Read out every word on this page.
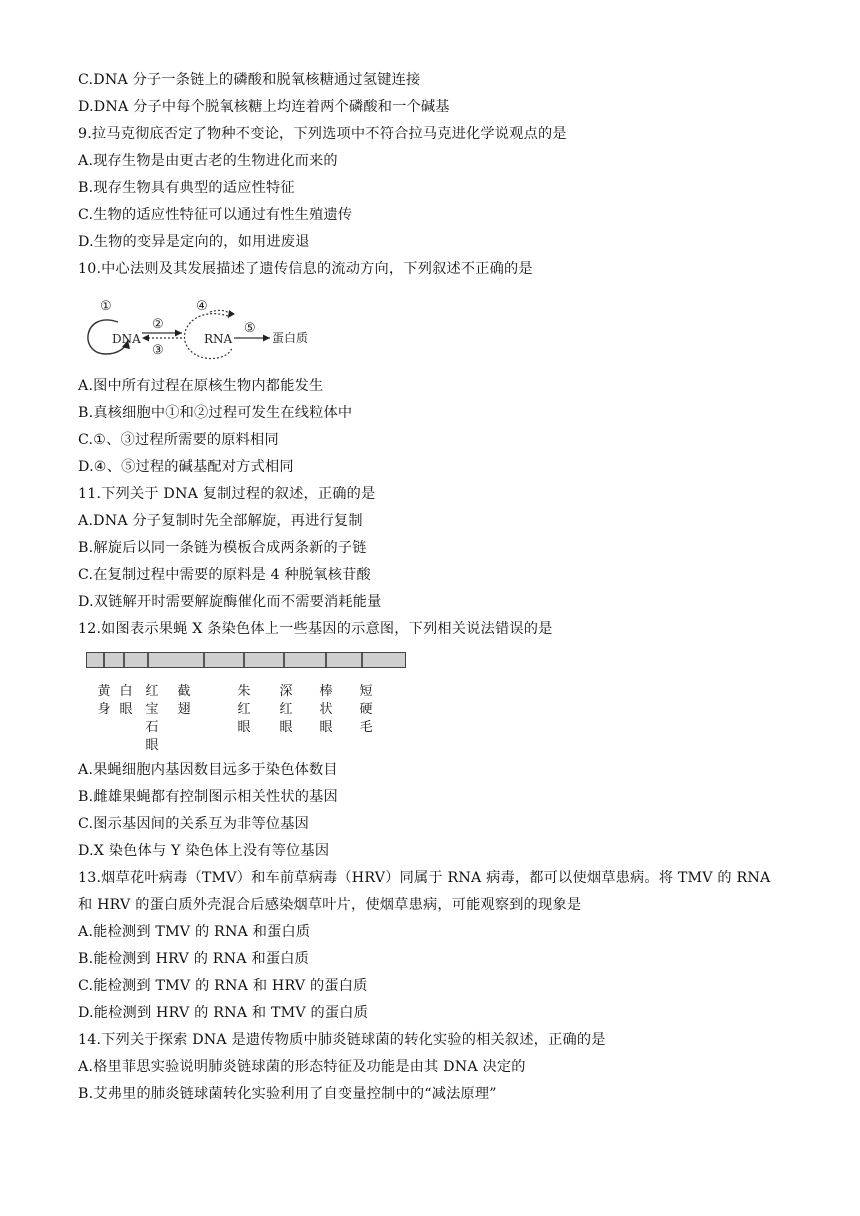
C.DNA 分子一条链上的磷酸和脱氧核糖通过氢键连接
D.DNA 分子中每个脱氧核糖上均连着两个磷酸和一个碱基
9.拉马克彻底否定了物种不变论，下列选项中不符合拉马克进化学说观点的是
A.现存生物是由更古老的生物进化而来的
B.现存生物具有典型的适应性特征
C.生物的适应性特征可以通过有性生殖遗传
D.生物的变异是定向的，如用进废退
10.中心法则及其发展描述了遗传信息的流动方向，下列叙述不正确的是
①
DNA
②
③
④
RNA
⑤
蛋白质
A.图中所有过程在原核生物内都能发生
B.真核细胞中①和②过程可发生在线粒体中
C.①、③过程所需要的原料相同
D.④、⑤过程的碱基配对方式相同
11.下列关于 DNA 复制过程的叙述，正确的是
A.DNA 分子复制时先全部解旋，再进行复制
B.解旋后以同一条链为模板合成两条新的子链
C.在复制过程中需要的原料是 4 种脱氧核苷酸
D.双链解开时需要解旋酶催化而不需要消耗能量
12.如图表示果蝇 X 条染色体上一些基因的示意图，下列相关说法错误的是
黄身
白眼
红宝石眼
截翅
朱红眼
深红眼
棒状眼
短硬毛
A.果蝇细胞内基因数目远多于染色体数目
B.雌雄果蝇都有控制图示相关性状的基因
C.图示基因间的关系互为非等位基因
D.X 染色体与 Y 染色体上没有等位基因
13.烟草花叶病毒（TMV）和车前草病毒（HRV）同属于 RNA 病毒，都可以使烟草患病。将 TMV 的 RNA
和 HRV 的蛋白质外壳混合后感染烟草叶片，使烟草患病，可能观察到的现象是
A.能检测到 TMV 的 RNA 和蛋白质
B.能检测到 HRV 的 RNA 和蛋白质
C.能检测到 TMV 的 RNA 和 HRV 的蛋白质
D.能检测到 HRV 的 RNA 和 TMV 的蛋白质
14.下列关于探索 DNA 是遗传物质中肺炎链球菌的转化实验的相关叙述，正确的是
A.格里菲思实验说明肺炎链球菌的形态特征及功能是由其 DNA 决定的
B.艾弗里的肺炎链球菌转化实验利用了自变量控制中的“减法原理”
